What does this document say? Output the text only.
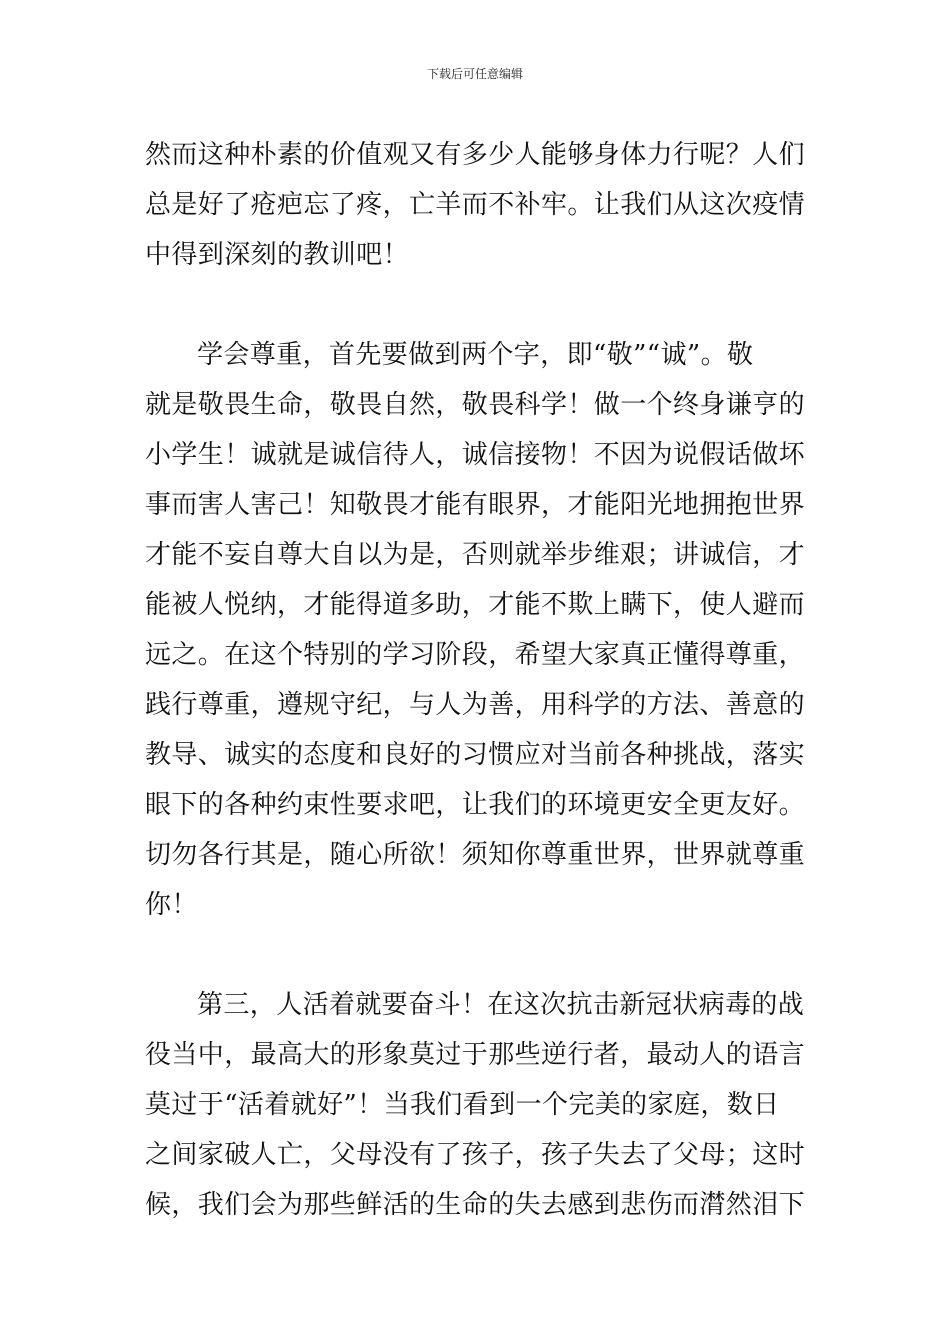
下载后可任意编辑
然而这种朴素的价值观又有多少人能够身体力行呢？人们
总是好了疮疤忘了疼，亡羊而不补牢。让我们从这次疫情
中得到深刻的教训吧！
学会尊重，首先要做到两个字，即“敬”“诚”。敬
就是敬畏生命，敬畏自然，敬畏科学！做一个终身谦亨的
小学生！诚就是诚信待人，诚信接物！不因为说假话做坏
事而害人害己！知敬畏才能有眼界，才能阳光地拥抱世界
才能不妄自尊大自以为是，否则就举步维艰；讲诚信，才
能被人悦纳，才能得道多助，才能不欺上瞒下，使人避而
远之。在这个特别的学习阶段，希望大家真正懂得尊重，
践行尊重，遵规守纪，与人为善，用科学的方法、善意的
教导、诚实的态度和良好的习惯应对当前各种挑战，落实
眼下的各种约束性要求吧，让我们的环境更安全更友好。
切勿各行其是，随心所欲！须知你尊重世界，世界就尊重
你！
第三，人活着就要奋斗！在这次抗击新冠状病毒的战
役当中，最高大的形象莫过于那些逆行者，最动人的语言
莫过于“活着就好”！当我们看到一个完美的家庭，数日
之间家破人亡，父母没有了孩子，孩子失去了父母；这时
候，我们会为那些鲜活的生命的失去感到悲伤而潸然泪下
